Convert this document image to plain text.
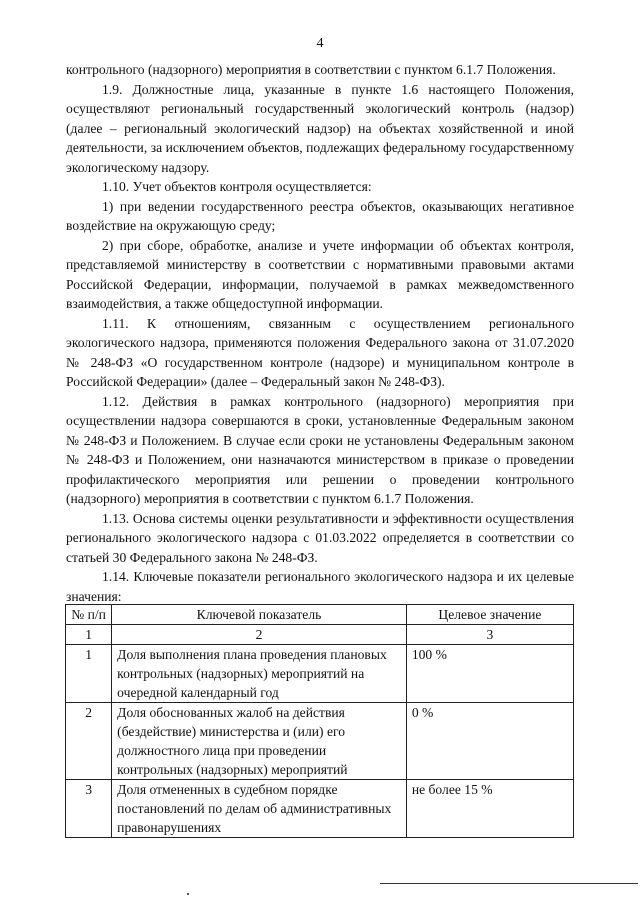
4

контрольного (надзорного) мероприятия в соответствии с пунктом 6.1.7 Положения.

1.9. Должностные лица, указанные в пункте 1.6 настоящего Положения, осуществляют региональный государственный экологический контроль (надзор) (далее – региональный экологический надзор) на объектах хозяйственной и иной деятельности, за исключением объектов, подлежащих федеральному государственному экологическому надзору.

1.10. Учет объектов контроля осуществляется:

1) при ведении государственного реестра объектов, оказывающих негативное воздействие на окружающую среду;

2) при сборе, обработке, анализе и учете информации об объектах контроля, представляемой министерству в соответствии с нормативными правовыми актами Российской Федерации, информации, получаемой в рамках межведомственного взаимодействия, а также общедоступной информации.

1.11. К отношениям, связанным с осуществлением регионального экологического надзора, применяются положения Федерального закона от 31.07.2020 № 248-ФЗ «О государственном контроле (надзоре) и муниципальном контроле в Российской Федерации» (далее – Федеральный закон № 248-ФЗ).

1.12. Действия в рамках контрольного (надзорного) мероприятия при осуществлении надзора совершаются в сроки, установленные Федеральным законом № 248-ФЗ и Положением. В случае если сроки не установлены Федеральным законом № 248-ФЗ и Положением, они назначаются министерством в приказе о проведении профилактического мероприятия или решении о проведении контрольного (надзорного) мероприятия в соответствии с пунктом 6.1.7 Положения.

1.13. Основа системы оценки результативности и эффективности осуществления регионального экологического надзора с 01.03.2022 определяется в соответствии со статьей 30 Федерального закона № 248-ФЗ.

1.14. Ключевые показатели регионального экологического надзора и их целевые значения:

№ п/п	Ключевой показатель	Целевое значение
1	2	3
1	Доля выполнения плана проведения плановых контрольных (надзорных) мероприятий на очередной календарный год	100 %
2	Доля обоснованных жалоб на действия (бездействие) министерства и (или) его должностного лица при проведении контрольных (надзорных) мероприятий	0 %
3	Доля отмененных в судебном порядке постановлений по делам об административных правонарушениях	не более 15 %
